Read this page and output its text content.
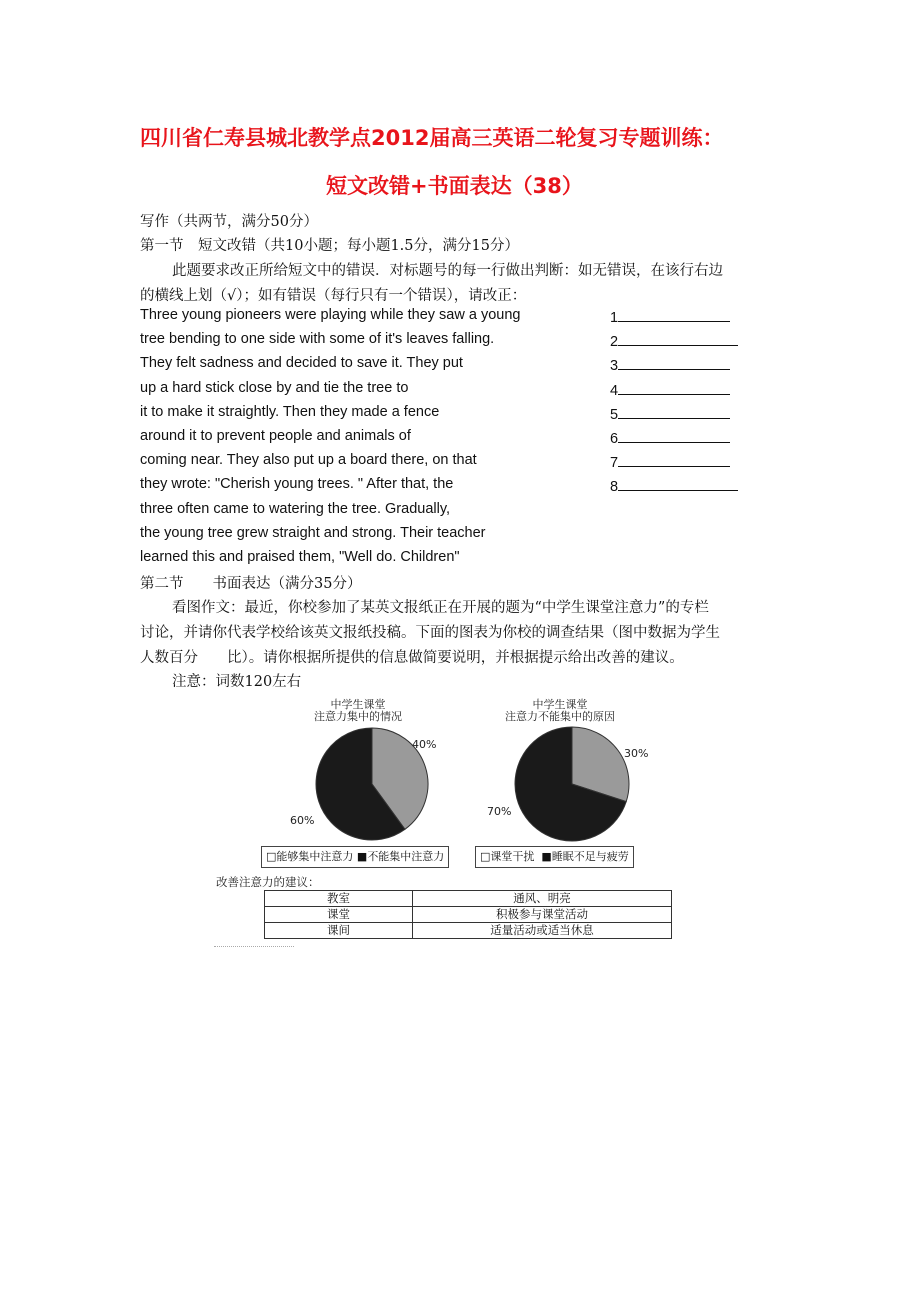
四川省仁寿县城北教学点2012届高三英语二轮复习专题训练：
短文改错+书面表达（38）
写作（共两节，满分50分）
第一节　短文改错（共10小题；每小题1.5分，满分15分）
此题要求改正所给短文中的错误．对标题号的每一行做出判断：如无错误，在该行右边
的横线上划（√）；如有错误（每行只有一个错误），请改正：
第二节　　书面表达（满分35分）
看图作文：最近，你校参加了某英文报纸正在开展的题为“中学生课堂注意力”的专栏
讨论，并请你代表学校给该英文报纸投稿。下面的图表为你校的调查结果（图中数据为学生
人数百分　　比）。请你根据所提供的信息做简要说明，并根据提示给出改善的建议。
注意：词数120左右
中学生课堂
注意力集中的情况
40%
60%
□能够集中注意力 ■不能集中注意力
中学生课堂
注意力不能集中的原因
30%
70%
□课堂干扰 ■睡眠不足与疲劳
改善注意力的建议：
教室	通风、明亮
课堂	积极参与课堂活动
课间	适量活动或适当休息
Three young pioneers were playing while they saw a young
tree bending to one side with some of it's leaves falling.
They felt sadness and decided to save it. They put
up a hard stick close by and tie the tree to
it to make it straightly. Then they made a fence
around it to prevent people and animals of
coming near. They also put up a board there, on that
they wrote: "Cherish young trees. " After that, the
three often came to watering the tree. Gradually,
the young tree grew straight and strong. Their teacher
learned this and praised them, "Well do. Children"
1
2
3
4
5
6
7
8
